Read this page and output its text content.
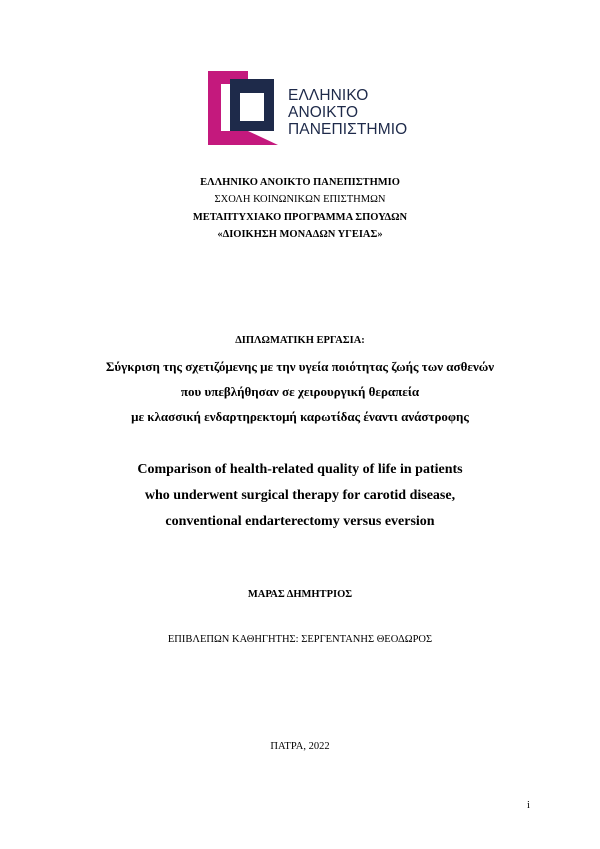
ΕΛΛΗΝΙΚΟ
ΑΝΟΙΚΤΟ
ΠΑΝΕΠΙΣΤΗΜΙΟ
ΕΛΛΗΝΙΚΟ ΑΝΟΙΚΤΟ ΠΑΝΕΠΙΣΤΗΜΙΟ
ΣΧΟΛΗ ΚΟΙΝΩΝΙΚΩΝ ΕΠΙΣΤΗΜΩΝ
ΜΕΤΑΠΤΥΧΙΑΚΟ ΠΡΟΓΡΑΜΜΑ ΣΠΟΥΔΩΝ
«ΔΙΟΙΚΗΣΗ ΜΟΝΑΔΩΝ ΥΓΕΙΑΣ»
ΔΙΠΛΩΜΑΤΙΚΗ ΕΡΓΑΣΙΑ:
Σύγκριση της σχετιζόμενης με την υγεία ποιότητας ζωής των ασθενών
που υπεβλήθησαν σε χειρουργική θεραπεία
με κλασσική ενδαρτηρεκτομή καρωτίδας έναντι ανάστροφης
Comparison of health-related quality of life in patients
who underwent surgical therapy for carotid disease,
conventional endarterectomy versus eversion
ΜΑΡΑΣ ΔΗΜΗΤΡΙΟΣ
ΕΠΙΒΛΕΠΩΝ ΚΑΘΗΓΗΤΗΣ: ΣΕΡΓΕΝΤΑΝΗΣ ΘΕΟΔΩΡΟΣ
ΠΑΤΡΑ, 2022
i
